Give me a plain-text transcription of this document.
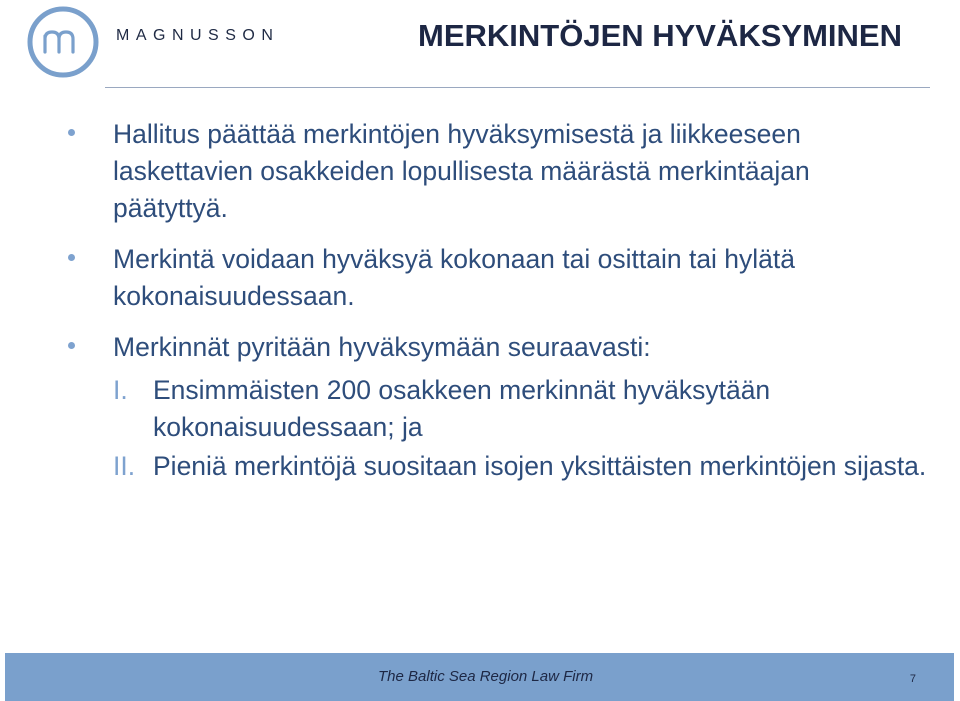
MAGNUSSON	MERKINTÖJEN HYVÄKSYMINEN
Hallitus päättää merkintöjen hyväksymisestä ja liikkeeseen laskettavien osakkeiden lopullisesta määrästä merkintäajan päätyttyä.
Merkintä voidaan hyväksyä kokonaan tai osittain tai hylätä kokonaisuudessaan.
Merkinnät pyritään hyväksymään seuraavasti:
I. Ensimmäisten 200 osakkeen merkinnät hyväksytään kokonaisuudessaan; ja
II. Pieniä merkintöjä suositaan isojen yksittäisten merkintöjen sijasta.
The Baltic Sea Region Law Firm	7
